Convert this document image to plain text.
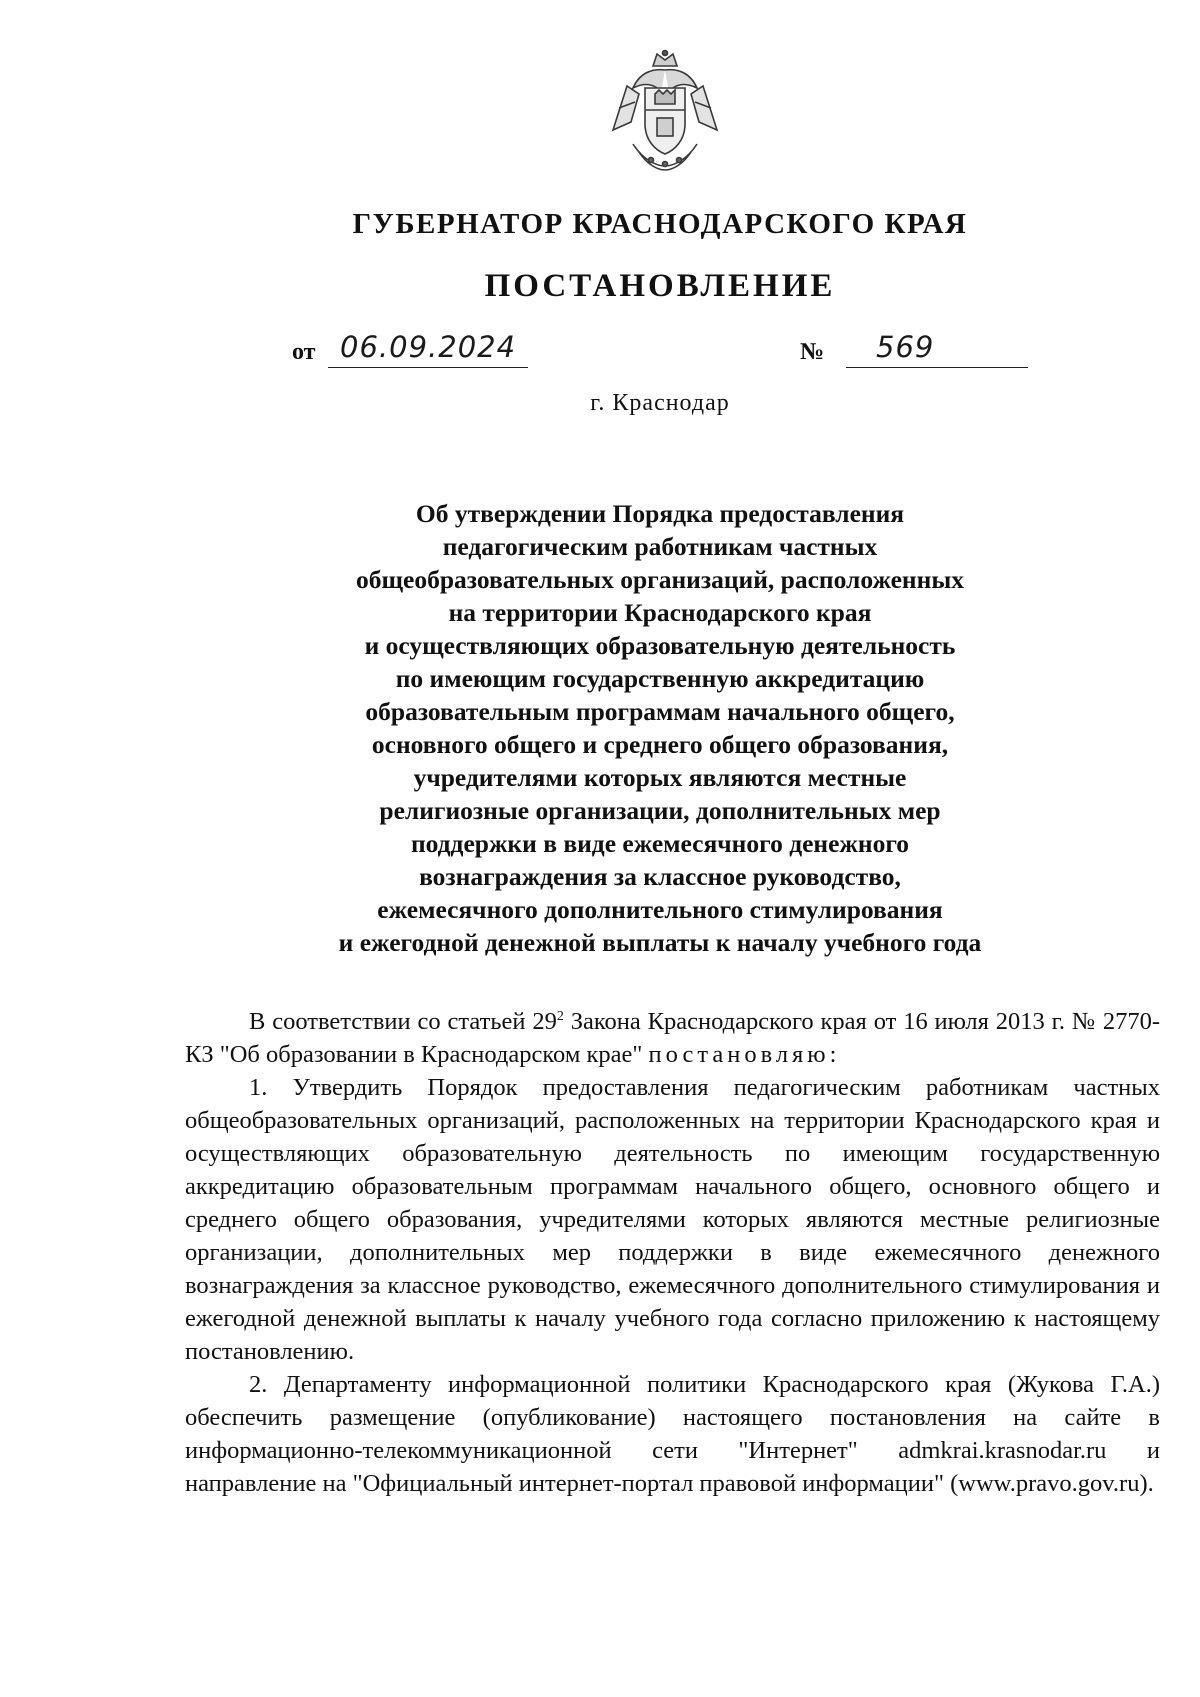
ГУБЕРНАТОР КРАСНОДАРСКОГО КРАЯ
ПОСТАНОВЛЕНИЕ
от 06.09.2024	№ 569
г. Краснодар
Об утверждении Порядка предоставления
педагогическим работникам частных
общеобразовательных организаций, расположенных
на территории Краснодарского края
и осуществляющих образовательную деятельность
по имеющим государственную аккредитацию
образовательным программам начального общего,
основного общего и среднего общего образования,
учредителями которых являются местные
религиозные организации, дополнительных мер
поддержки в виде ежемесячного денежного
вознаграждения за классное руководство,
ежемесячного дополнительного стимулирования
и ежегодной денежной выплаты к началу учебного года

В соответствии со статьей $29^2$ Закона Краснодарского края от 16 июля 2013 г. № 2770-КЗ "Об образовании в Краснодарском крае" постановляю:

1. Утвердить Порядок предоставления педагогическим работникам частных общеобразовательных организаций, расположенных на территории Краснодарского края и осуществляющих образовательную деятельность по имеющим государственную аккредитацию образовательным программам начального общего, основного общего и среднего общего образования, учредителями которых являются местные религиозные организации, дополнительных мер поддержки в виде ежемесячного денежного вознаграждения за классное руководство, ежемесячного дополнительного стимулирования и ежегодной денежной выплаты к началу учебного года согласно приложению к настоящему постановлению.

2. Департаменту информационной политики Краснодарского края (Жукова Г.А.) обеспечить размещение (опубликование) настоящего постановления на сайте в информационно-телекоммуникационной сети "Интернет" admkrai.krasnodar.ru и направление на "Официальный интернет-портал правовой информации" (www.pravo.gov.ru).
